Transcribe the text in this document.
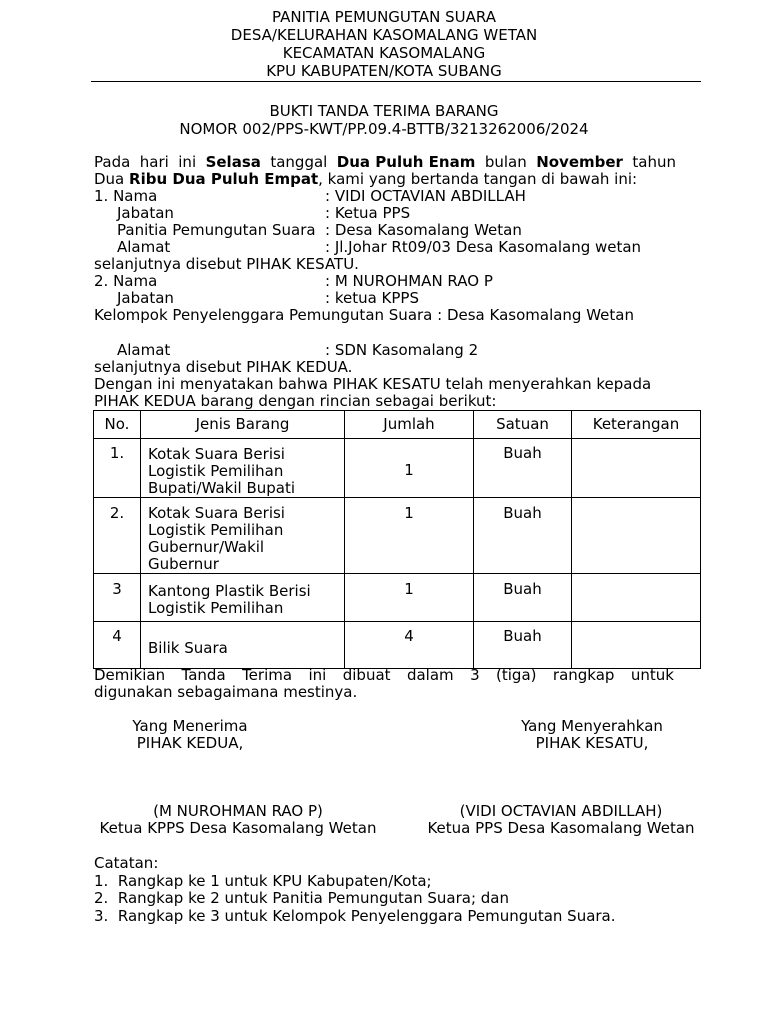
PANITIA PEMUNGUTAN SUARA
DESA/KELURAHAN KASOMALANG WETAN
KECAMATAN KASOMALANG
KPU KABUPATEN/KOTA SUBANG
BUKTI TANDA TERIMA BARANG
NOMOR 002/PPS-KWT/PP.09.4-BTTB/3213262006/2024
Pada hari ini Selasa tanggal Dua Puluh Enam bulan November tahun
Dua Ribu Dua Puluh Empat, kami yang bertanda tangan di bawah ini:
1. Nama	: VIDI OCTAVIAN ABDILLAH
Jabatan	: Ketua PPS
Panitia Pemungutan Suara : Desa Kasomalang Wetan
Alamat	: Jl.Johar Rt09/03 Desa Kasomalang wetan
selanjutnya disebut PIHAK KESATU.
2. Nama	: M NUROHMAN RAO P
Jabatan	: ketua KPPS
Kelompok Penyelenggara Pemungutan Suara : Desa Kasomalang Wetan
Alamat	: SDN Kasomalang 2
selanjutnya disebut PIHAK KEDUA.
Dengan ini menyatakan bahwa PIHAK KESATU telah menyerahkan kepada
PIHAK KEDUA barang dengan rincian sebagai berikut:
No.	Jenis Barang	Jumlah	Satuan	Keterangan
1.	Kotak Suara Berisi
Logistik Pemilihan
Bupati/Wakil Bupati	1	Buah	
2.	Kotak Suara Berisi
Logistik Pemilihan
Gubernur/Wakil
Gubernur	1	Buah	
3	Kantong Plastik Berisi
Logistik Pemilihan	1	Buah	
4	Bilik Suara	4	Buah	
Demikian Tanda Terima ini dibuat dalam 3 (tiga) rangkap untuk
digunakan sebagaimana mestinya.
Yang Menerima
PIHAK KEDUA,
Yang Menyerahkan
PIHAK KESATU,
(M NUROHMAN RAO P)
Ketua KPPS Desa Kasomalang Wetan
(VIDI OCTAVIAN ABDILLAH)
Ketua PPS Desa Kasomalang Wetan
Catatan:
1.  Rangkap ke 1 untuk KPU Kabupaten/Kota;
2.  Rangkap ke 2 untuk Panitia Pemungutan Suara; dan
3.  Rangkap ke 3 untuk Kelompok Penyelenggara Pemungutan Suara.
